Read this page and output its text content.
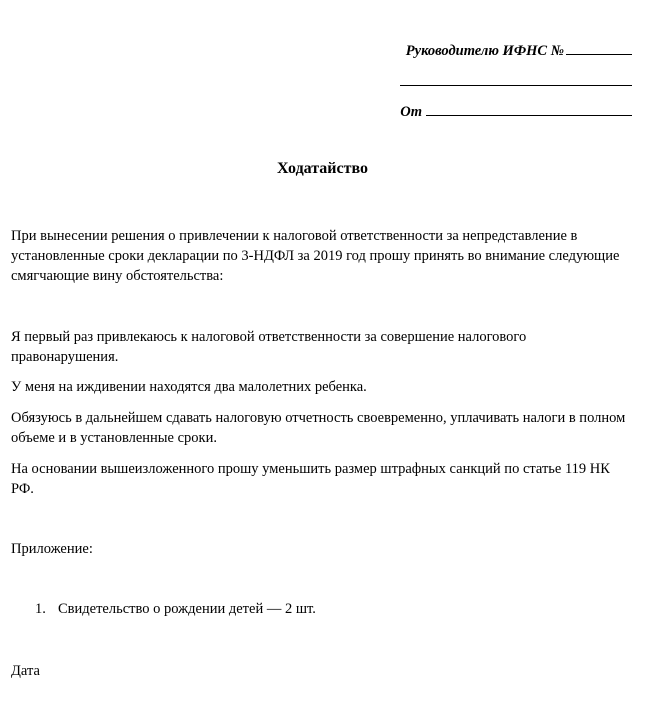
Руководителю ИФНС №
От
Ходатайство

При вынесении решения о привлечении к налоговой ответственности за непредставление в установленные сроки декларации по 3-НДФЛ за 2019 год прошу принять во внимание следующие смягчающие вину обстоятельства:

Я первый раз привлекаюсь к налоговой ответственности за совершение налогового правонарушения.

У меня на иждивении находятся два малолетних ребенка.

Обязуюсь в дальнейшем сдавать налоговую отчетность своевременно, уплачивать налоги в полном объеме и в установленные сроки.

На основании вышеизложенного прошу уменьшить размер штрафных санкций по статье 119 НК РФ.

Приложение:

1. Свидетельство о рождении детей — 2 шт.

Дата
